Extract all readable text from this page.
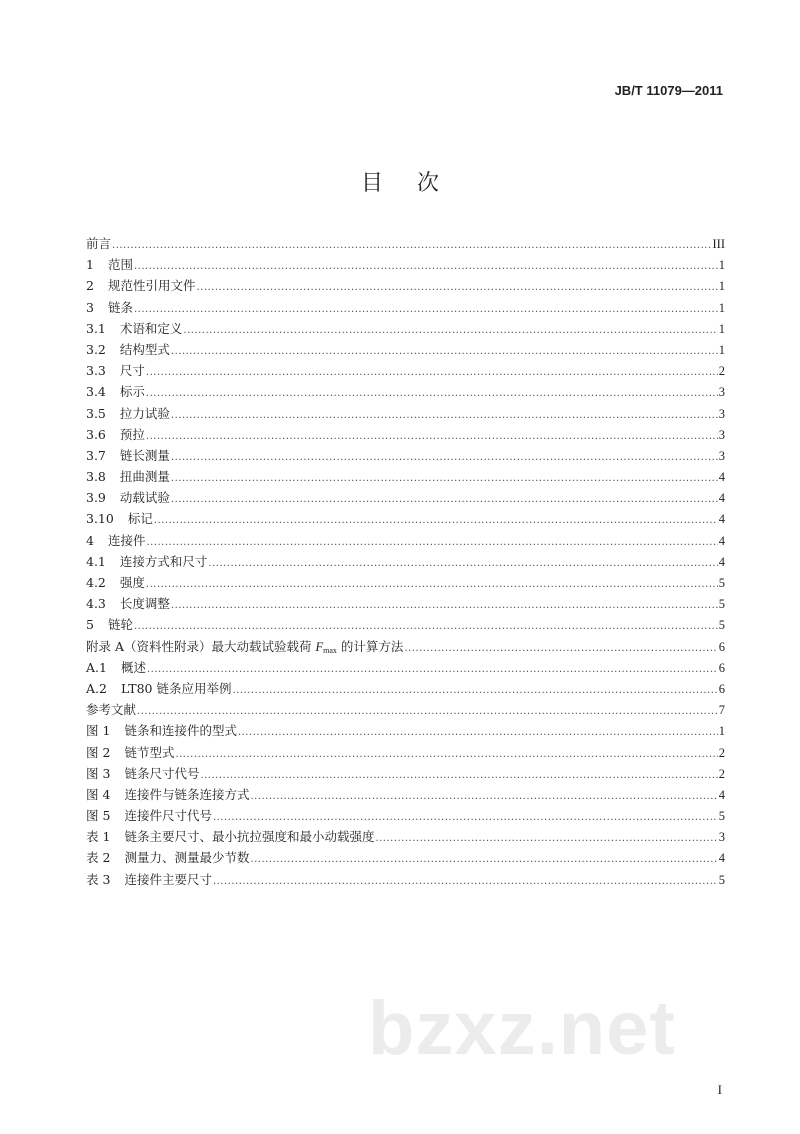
JB/T 11079—2011
目次
前言 .....	III
1 范围 .....	1
2 规范性引用文件 .....	1
3 链条 .....	1
3.1 术语和定义 .....	1
3.2 结构型式 .....	1
3.3 尺寸 .....	2
3.4 标示 .....	3
3.5 拉力试验 .....	3
3.6 预拉 .....	3
3.7 链长测量 .....	3
3.8 扭曲测量 .....	4
3.9 动载试验 .....	4
3.10 标记 .....	4
4 连接件 .....	4
4.1 连接方式和尺寸 .....	4
4.2 强度 .....	5
4.3 长度调整 .....	5
5 链轮 .....	5
附录 A（资料性附录）最大动载试验载荷 $F_{max}$ 的计算方法 .....	6
A.1 概述 .....	6
A.2 LT80 链条应用举例 .....	6
参考文献 .....	7
图 1 链条和连接件的型式 .....	1
图 2 链节型式 .....	2
图 3 链条尺寸代号 .....	2
图 4 连接件与链条连接方式 .....	4
图 5 连接件尺寸代号 .....	5
表 1 链条主要尺寸、最小抗拉强度和最小动载强度 .....	3
表 2 测量力、测量最少节数 .....	4
表 3 连接件主要尺寸 .....	5
bzxz.net
I
